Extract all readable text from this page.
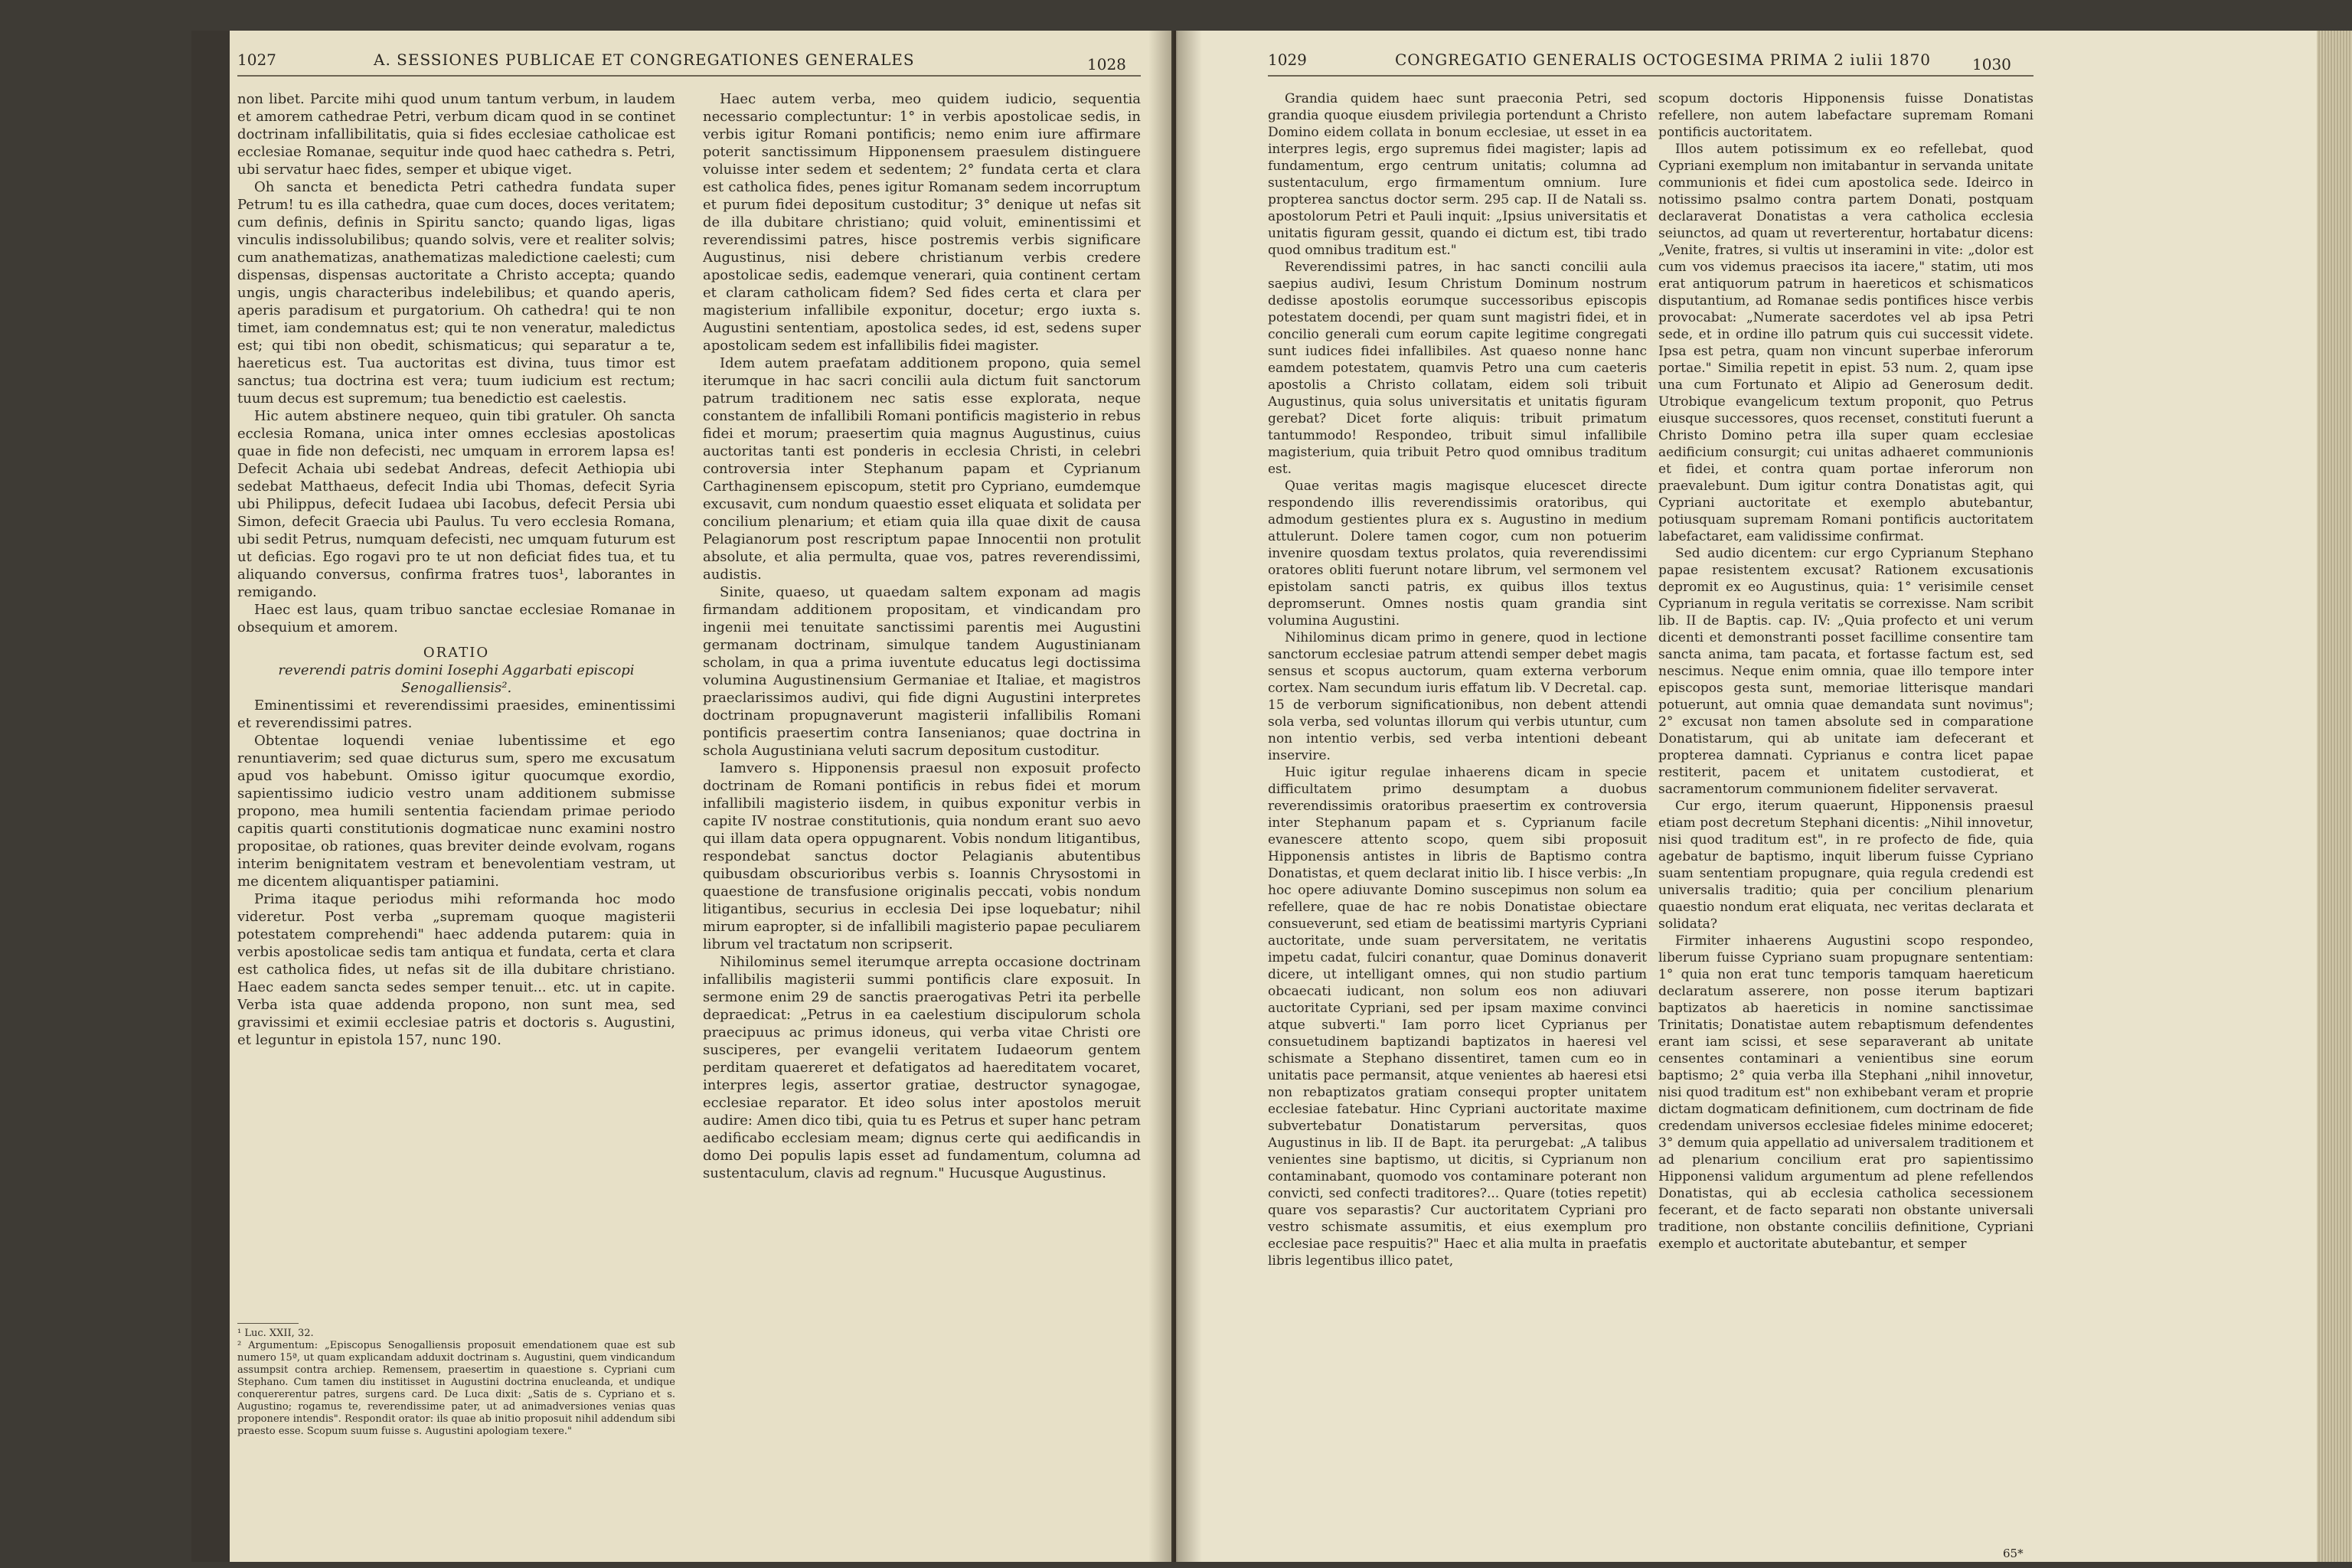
1027	A. SESSIONES PUBLICAE ET CONGREGATIONES GENERALES	1028

non libet. Parcite mihi quod unum tantum verbum, in laudem et amorem cathedrae Petri, verbum dicam quod in se continet doctrinam infallibilitatis, quia si fides ecclesiae catholicae est ecclesiae Romanae, sequitur inde quod haec cathedra s. Petri, ubi servatur haec fides, semper et ubique viget.

Oh sancta et benedicta Petri cathedra fundata super Petrum! tu es illa cathedra, quae cum doces, doces veritatem; cum definis, definis in Spiritu sancto; quando ligas, ligas vinculis indissolubilibus; quando solvis, vere et realiter solvis; cum anathematizas, anathematizas maledictione caelesti; cum dispensas, dispensas auctoritate a Christo accepta; quando ungis, ungis characteribus indelebilibus; et quando aperis, aperis paradisum et purgatorium. Oh cathedra! qui te non timet, iam condemnatus est; qui te non veneratur, maledictus est; qui tibi non obedit, schismaticus; qui separatur a te, haereticus est. Tua auctoritas est divina, tuus timor est sanctus; tua doctrina est vera; tuum iudicium est rectum; tuum decus est supremum; tua benedictio est caelestis.

Hic autem abstinere nequeo, quin tibi gratuler. Oh sancta ecclesia Romana, unica inter omnes ecclesias apostolicas quae in fide non defecisti, nec umquam in errorem lapsa es! Defecit Achaia ubi sedebat Andreas, defecit Aethiopia ubi sedebat Matthaeus, defecit India ubi Thomas, defecit Syria ubi Philippus, defecit Iudaea ubi Iacobus, defecit Persia ubi Simon, defecit Graecia ubi Paulus. Tu vero ecclesia Romana, ubi sedit Petrus, numquam defecisti, nec umquam futurum est ut deficias. Ego rogavi pro te ut non deficiat fides tua, et tu aliquando conversus, confirma fratres tuos¹, laborantes in remigando.

Haec est laus, quam tribuo sanctae ecclesiae Romanae in obsequium et amorem.

ORATIO

reverendi patris domini Iosephi Aggarbati episcopi Senogalliensis².

Eminentissimi et reverendissimi praesides, eminentissimi et reverendissimi patres.

Obtentae loquendi veniae lubentissime et ego renuntiaverim; sed quae dicturus sum, spero me excusatum apud vos habebunt. Omisso igitur quocumque exordio, sapientissimo iudicio vestro unam additionem submisse propono, mea humili sententia faciendam primae periodo capitis quarti constitutionis dogmaticae nunc examini nostro propositae, ob rationes, quas breviter deinde evolvam, rogans interim benignitatem vestram et benevolentiam vestram, ut me dicentem aliquantisper patiamini.

Prima itaque periodus mihi reformanda hoc modo videretur. Post verba „supremam quoque magisterii potestatem comprehendi" haec addenda putarem: quia in verbis apostolicae sedis tam antiqua et fundata, certa et clara est catholica fides, ut nefas sit de illa dubitare christiano. Haec eadem sancta sedes semper tenuit... etc. ut in capite. Verba ista quae addenda propono, non sunt mea, sed gravissimi et eximii ecclesiae patris et doctoris s. Augustini, et leguntur in epistola 157, nunc 190.

¹ Luc. XXII, 32.

² Argumentum: „Episcopus Senogalliensis proposuit emendationem quae est sub numero 15ª, ut quam explicandam adduxit doctrinam s. Augustini, quem vindicandum assumpsit contra archiep. Remensem, praesertim in quaestione s. Cypriani cum Stephano. Cum tamen diu institisset in Augustini doctrina enucleanda, et undique conquererentur patres, surgens card. De Luca dixit: „Satis de s. Cypriano et s. Augustino; rogamus te, reverendissime pater, ut ad animadversiones venias quas proponere intendis". Respondit orator: ils quae ab initio proposuit nihil addendum sibi praesto esse. Scopum suum fuisse s. Augustini apologiam texere."

Haec autem verba, meo quidem iudicio, sequentia necessario complectuntur: 1° in verbis apostolicae sedis, in verbis igitur Romani pontificis; nemo enim iure affirmare poterit sanctissimum Hipponensem praesulem distinguere voluisse inter sedem et sedentem; 2° fundata certa et clara est catholica fides, penes igitur Romanam sedem incorruptum et purum fidei depositum custoditur; 3° denique ut nefas sit de illa dubitare christiano; quid voluit, eminentissimi et reverendissimi patres, hisce postremis verbis significare Augustinus, nisi debere christianum verbis credere apostolicae sedis, eademque venerari, quia continent certam et claram catholicam fidem? Sed fides certa et clara per magisterium infallibile exponitur, docetur; ergo iuxta s. Augustini sententiam, apostolica sedes, id est, sedens super apostolicam sedem est infallibilis fidei magister.

Idem autem praefatam additionem propono, quia semel iterumque in hac sacri concilii aula dictum fuit sanctorum patrum traditionem nec satis esse explorata, neque constantem de infallibili Romani pontificis magisterio in rebus fidei et morum; praesertim quia magnus Augustinus, cuius auctoritas tanti est ponderis in ecclesia Christi, in celebri controversia inter Stephanum papam et Cyprianum Carthaginensem episcopum, stetit pro Cypriano, eumdemque excusavit, cum nondum quaestio esset eliquata et solidata per concilium plenarium; et etiam quia illa quae dixit de causa Pelagianorum post rescriptum papae Innocentii non protulit absolute, et alia permulta, quae vos, patres reverendissimi, audistis.

Sinite, quaeso, ut quaedam saltem exponam ad magis firmandam additionem propositam, et vindicandam pro ingenii mei tenuitate sanctissimi parentis mei Augustini germanam doctrinam, simulque tandem Augustinianam scholam, in qua a prima iuventute educatus legi doctissima volumina Augustinensium Germaniae et Italiae, et magistros praeclarissimos audivi, qui fide digni Augustini interpretes doctrinam propugnaverunt magisterii infallibilis Romani pontificis praesertim contra Iansenianos; quae doctrina in schola Augustiniana veluti sacrum depositum custoditur.

Iamvero s. Hipponensis praesul non exposuit profecto doctrinam de Romani pontificis in rebus fidei et morum infallibili magisterio iisdem, in quibus exponitur verbis in capite IV nostrae constitutionis, quia nondum erant suo aevo qui illam data opera oppugnarent. Vobis nondum litigantibus, respondebat sanctus doctor Pelagianis abutentibus quibusdam obscurioribus verbis s. Ioannis Chrysostomi in quaestione de transfusione originalis peccati, vobis nondum litigantibus, securius in ecclesia Dei ipse loquebatur; nihil mirum eapropter, si de infallibili magisterio papae peculiarem librum vel tractatum non scripserit.

Nihilominus semel iterumque arrepta occasione doctrinam infallibilis magisterii summi pontificis clare exposuit. In sermone enim 29 de sanctis praerogativas Petri ita perbelle depraedicat: „Petrus in ea caelestium discipulorum schola praecipuus ac primus idoneus, qui verba vitae Christi ore susciperes, per evangelii veritatem Iudaeorum gentem perditam quaereret et defatigatos ad haereditatem vocaret, interpres legis, assertor gratiae, destructor synagogae, ecclesiae reparator. Et ideo solus inter apostolos meruit audire: Amen dico tibi, quia tu es Petrus et super hanc petram aedificabo ecclesiam meam; dignus certe qui aedificandis in domo Dei populis lapis esset ad fundamentum, columna ad sustentaculum, clavis ad regnum." Hucusque Augustinus.

1029	CONGREGATIO GENERALIS OCTOGESIMA PRIMA 2 iulii 1870	1030

Grandia quidem haec sunt praeconia Petri, sed grandia quoque eiusdem privilegia portendunt a Christo Domino eidem collata in bonum ecclesiae, ut esset in ea interpres legis, ergo supremus fidei magister; lapis ad fundamentum, ergo centrum unitatis; columna ad sustentaculum, ergo firmamentum omnium. Iure propterea sanctus doctor serm. 295 cap. II de Natali ss. apostolorum Petri et Pauli inquit: „Ipsius universitatis et unitatis figuram gessit, quando ei dictum est, tibi trado quod omnibus traditum est."

Reverendissimi patres, in hac sancti concilii aula saepius audivi, Iesum Christum Dominum nostrum dedisse apostolis eorumque successoribus episcopis potestatem docendi, per quam sunt magistri fidei, et in concilio generali cum eorum capite legitime congregati sunt iudices fidei infallibiles. Ast quaeso nonne hanc eamdem potestatem, quamvis Petro una cum caeteris apostolis a Christo collatam, eidem soli tribuit Augustinus, quia solus universitatis et unitatis figuram gerebat? Dicet forte aliquis: tribuit primatum tantummodo! Respondeo, tribuit simul infallibile magisterium, quia tribuit Petro quod omnibus traditum est.

Quae veritas magis magisque elucescet directe respondendo illis reverendissimis oratoribus, qui admodum gestientes plura ex s. Augustino in medium attulerunt. Dolere tamen cogor, cum non potuerim invenire quosdam textus prolatos, quia reverendissimi oratores obliti fuerunt notare librum, vel sermonem vel epistolam sancti patris, ex quibus illos textus depromserunt. Omnes nostis quam grandia sint volumina Augustini.

Nihilominus dicam primo in genere, quod in lectione sanctorum ecclesiae patrum attendi semper debet magis sensus et scopus auctorum, quam externa verborum cortex. Nam secundum iuris effatum lib. V Decretal. cap. 15 de verborum significationibus, non debent attendi sola verba, sed voluntas illorum qui verbis utuntur, cum non intentio verbis, sed verba intentioni debeant inservire.

Huic igitur regulae inhaerens dicam in specie difficultatem primo desumptam a duobus reverendissimis oratoribus praesertim ex controversia inter Stephanum papam et s. Cyprianum facile evanescere attento scopo, quem sibi proposuit Hipponensis antistes in libris de Baptismo contra Donatistas, et quem declarat initio lib. I hisce verbis: „In hoc opere adiuvante Domino suscepimus non solum ea refellere, quae de hac re nobis Donatistae obiectare consueverunt, sed etiam de beatissimi martyris Cypriani auctoritate, unde suam perversitatem, ne veritatis impetu cadat, fulciri conantur, quae Dominus donaverit dicere, ut intelligant omnes, qui non studio partium obcaecati iudicant, non solum eos non adiuvari auctoritate Cypriani, sed per ipsam maxime convinci atque subverti." Iam porro licet Cyprianus per consuetudinem baptizandi baptizatos in haeresi vel schismate a Stephano dissentiret, tamen cum eo in unitatis pace permansit, atque venientes ab haeresi etsi non rebaptizatos gratiam consequi propter unitatem ecclesiae fatebatur. Hinc Cypriani auctoritate maxime subvertebatur Donatistarum perversitas, quos Augustinus in lib. II de Bapt. ita perurgebat: „A talibus venientes sine baptismo, ut dicitis, si Cyprianum non contaminabant, quomodo vos contaminare poterant non convicti, sed confecti traditores?... Quare (toties repetit) quare vos separastis? Cur auctoritatem Cypriani pro vestro schismate assumitis, et eius exemplum pro ecclesiae pace respuitis?" Haec et alia multa in praefatis libris legentibus illico patet,

scopum doctoris Hipponensis fuisse Donatistas refellere, non autem labefactare supremam Romani pontificis auctoritatem.

Illos autem potissimum ex eo refellebat, quod Cypriani exemplum non imitabantur in servanda unitate communionis et fidei cum apostolica sede. Ideirco in notissimo psalmo contra partem Donati, postquam declaraverat Donatistas a vera catholica ecclesia seiunctos, ad quam ut reverterentur, hortabatur dicens: „Venite, fratres, si vultis ut inseramini in vite: „dolor est cum vos videmus praecisos ita iacere," statim, uti mos erat antiquorum patrum in haereticos et schismaticos disputantium, ad Romanae sedis pontifices hisce verbis provocabat: „Numerate sacerdotes vel ab ipsa Petri sede, et in ordine illo patrum quis cui successit videte. Ipsa est petra, quam non vincunt superbae inferorum portae." Similia repetit in epist. 53 num. 2, quam ipse una cum Fortunato et Alipio ad Generosum dedit. Utrobique evangelicum textum proponit, quo Petrus eiusque successores, quos recenset, constituti fuerunt a Christo Domino petra illa super quam ecclesiae aedificium consurgit; cui unitas adhaeret communionis et fidei, et contra quam portae inferorum non praevalebunt. Dum igitur contra Donatistas agit, qui Cypriani auctoritate et exemplo abutebantur, potiusquam supremam Romani pontificis auctoritatem labefactaret, eam validissime confirmat.

Sed audio dicentem: cur ergo Cyprianum Stephano papae resistentem excusat? Rationem excusationis depromit ex eo Augustinus, quia: 1° verisimile censet Cyprianum in regula veritatis se correxisse. Nam scribit lib. II de Baptis. cap. IV: „Quia profecto et uni verum dicenti et demonstranti posset facillime consentire tam sancta anima, tam pacata, et fortasse factum est, sed nescimus. Neque enim omnia, quae illo tempore inter episcopos gesta sunt, memoriae litterisque mandari potuerunt, aut omnia quae demandata sunt novimus"; 2° excusat non tamen absolute sed in comparatione Donatistarum, qui ab unitate iam defecerant et propterea damnati. Cyprianus e contra licet papae restiterit, pacem et unitatem custodierat, et sacramentorum communionem fideliter servaverat.

Cur ergo, iterum quaerunt, Hipponensis praesul etiam post decretum Stephani dicentis: „Nihil innovetur, nisi quod traditum est", in re profecto de fide, quia agebatur de baptismo, inquit liberum fuisse Cypriano suam sententiam propugnare, quia regula credendi est universalis traditio; quia per concilium plenarium quaestio nondum erat eliquata, nec veritas declarata et solidata?

Firmiter inhaerens Augustini scopo respondeo, liberum fuisse Cypriano suam propugnare sententiam: 1° quia non erat tunc temporis tamquam haereticum declaratum asserere, non posse iterum baptizari baptizatos ab haereticis in nomine sanctissimae Trinitatis; Donatistae autem rebaptismum defendentes erant iam scissi, et sese separaverant ab unitate censentes contaminari a venientibus sine eorum baptismo; 2° quia verba illa Stephani „nihil innovetur, nisi quod traditum est" non exhibebant veram et proprie dictam dogmaticam definitionem, cum doctrinam de fide credendam universos ecclesiae fideles minime edoceret; 3° demum quia appellatio ad universalem traditionem et ad plenarium concilium erat pro sapientissimo Hipponensi validum argumentum ad plene refellendos Donatistas, qui ab ecclesia catholica secessionem fecerant, et de facto separati non obstante universali traditione, non obstante conciliis definitione, Cypriani exemplo et auctoritate abutebantur, et semper

65*
